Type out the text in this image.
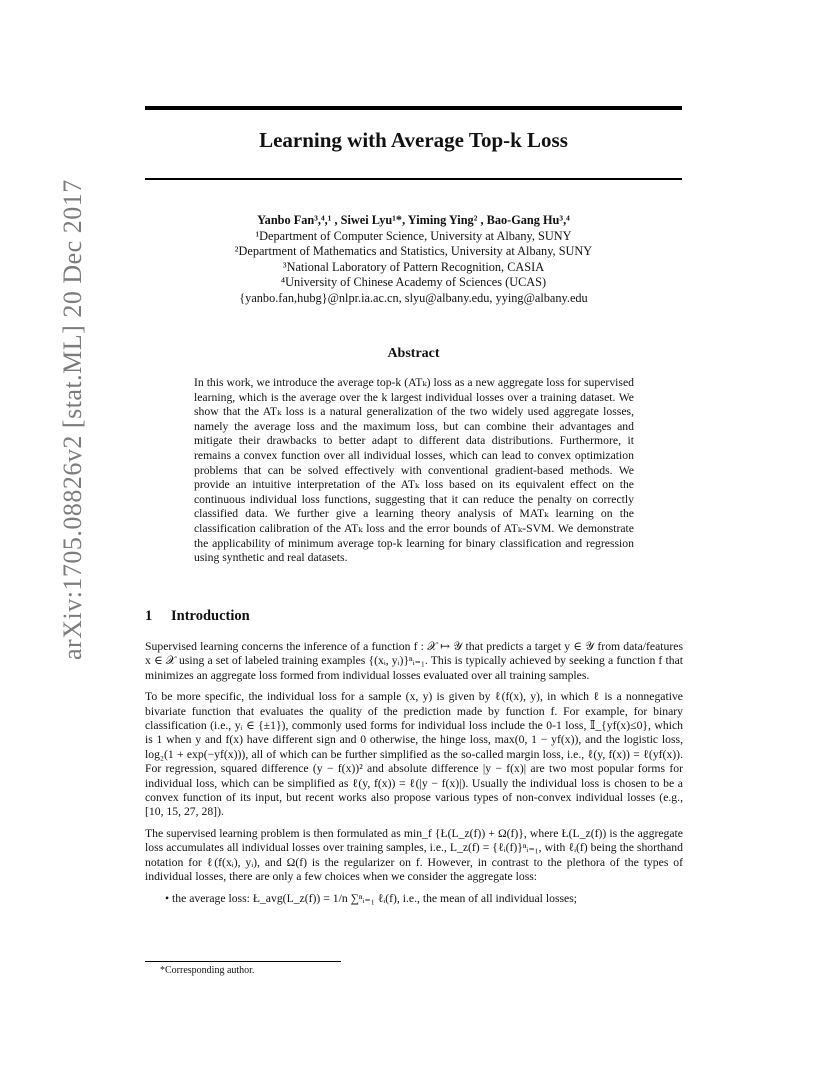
arXiv:1705.08826v2 [stat.ML] 20 Dec 2017
Learning with Average Top-k Loss
Yanbo Fan³,⁴,¹ , Siwei Lyu¹*, Yiming Ying² , Bao-Gang Hu³,⁴
¹Department of Computer Science, University at Albany, SUNY
²Department of Mathematics and Statistics, University at Albany, SUNY
³National Laboratory of Pattern Recognition, CASIA
⁴University of Chinese Academy of Sciences (UCAS)
{yanbo.fan,hubg}@nlpr.ia.ac.cn, slyu@albany.edu, yying@albany.edu
Abstract
In this work, we introduce the average top-k (ATₖ) loss as a new aggregate loss for supervised learning, which is the average over the k largest individual losses over a training dataset. We show that the ATₖ loss is a natural generalization of the two widely used aggregate losses, namely the average loss and the maximum loss, but can combine their advantages and mitigate their drawbacks to better adapt to different data distributions. Furthermore, it remains a convex function over all individual losses, which can lead to convex optimization problems that can be solved effectively with conventional gradient-based methods. We provide an intuitive interpretation of the ATₖ loss based on its equivalent effect on the continuous individual loss functions, suggesting that it can reduce the penalty on correctly classified data. We further give a learning theory analysis of MATₖ learning on the classification calibration of the ATₖ loss and the error bounds of ATₖ-SVM. We demonstrate the applicability of minimum average top-k learning for binary classification and regression using synthetic and real datasets.
1 Introduction

Supervised learning concerns the inference of a function f : 𝒳 ↦ 𝒴 that predicts a target y ∈ 𝒴 from data/features x ∈ 𝒳 using a set of labeled training examples {(xᵢ, yᵢ)}ⁿᵢ₌₁. This is typically achieved by seeking a function f that minimizes an aggregate loss formed from individual losses evaluated over all training samples.

To be more specific, the individual loss for a sample (x, y) is given by ℓ(f(x), y), in which ℓ is a nonnegative bivariate function that evaluates the quality of the prediction made by function f. For example, for binary classification (i.e., yᵢ ∈ {±1}), commonly used forms for individual loss include the 0-1 loss, 𝕀_{yf(x)≤0}, which is 1 when y and f(x) have different sign and 0 otherwise, the hinge loss, max(0, 1 − yf(x)), and the logistic loss, log₂(1 + exp(−yf(x))), all of which can be further simplified as the so-called margin loss, i.e., ℓ(y, f(x)) = ℓ(yf(x)). For regression, squared difference (y − f(x))² and absolute difference |y − f(x)| are two most popular forms for individual loss, which can be simplified as ℓ(y, f(x)) = ℓ(|y − f(x)|). Usually the individual loss is chosen to be a convex function of its input, but recent works also propose various types of non-convex individual losses (e.g., [10, 15, 27, 28]).

The supervised learning problem is then formulated as min_f {Ł(L_z(f)) + Ω(f)}, where Ł(L_z(f)) is the aggregate loss accumulates all individual losses over training samples, i.e., L_z(f) = {ℓᵢ(f)}ⁿᵢ₌₁, with ℓᵢ(f) being the shorthand notation for ℓ(f(xᵢ), yᵢ), and Ω(f) is the regularizer on f. However, in contrast to the plethora of the types of individual losses, there are only a few choices when we consider the aggregate loss:

• the average loss: Ł_avg(L_z(f)) = 1/n ∑ⁿᵢ₌₁ ℓᵢ(f), i.e., the mean of all individual losses;
*Corresponding author.
